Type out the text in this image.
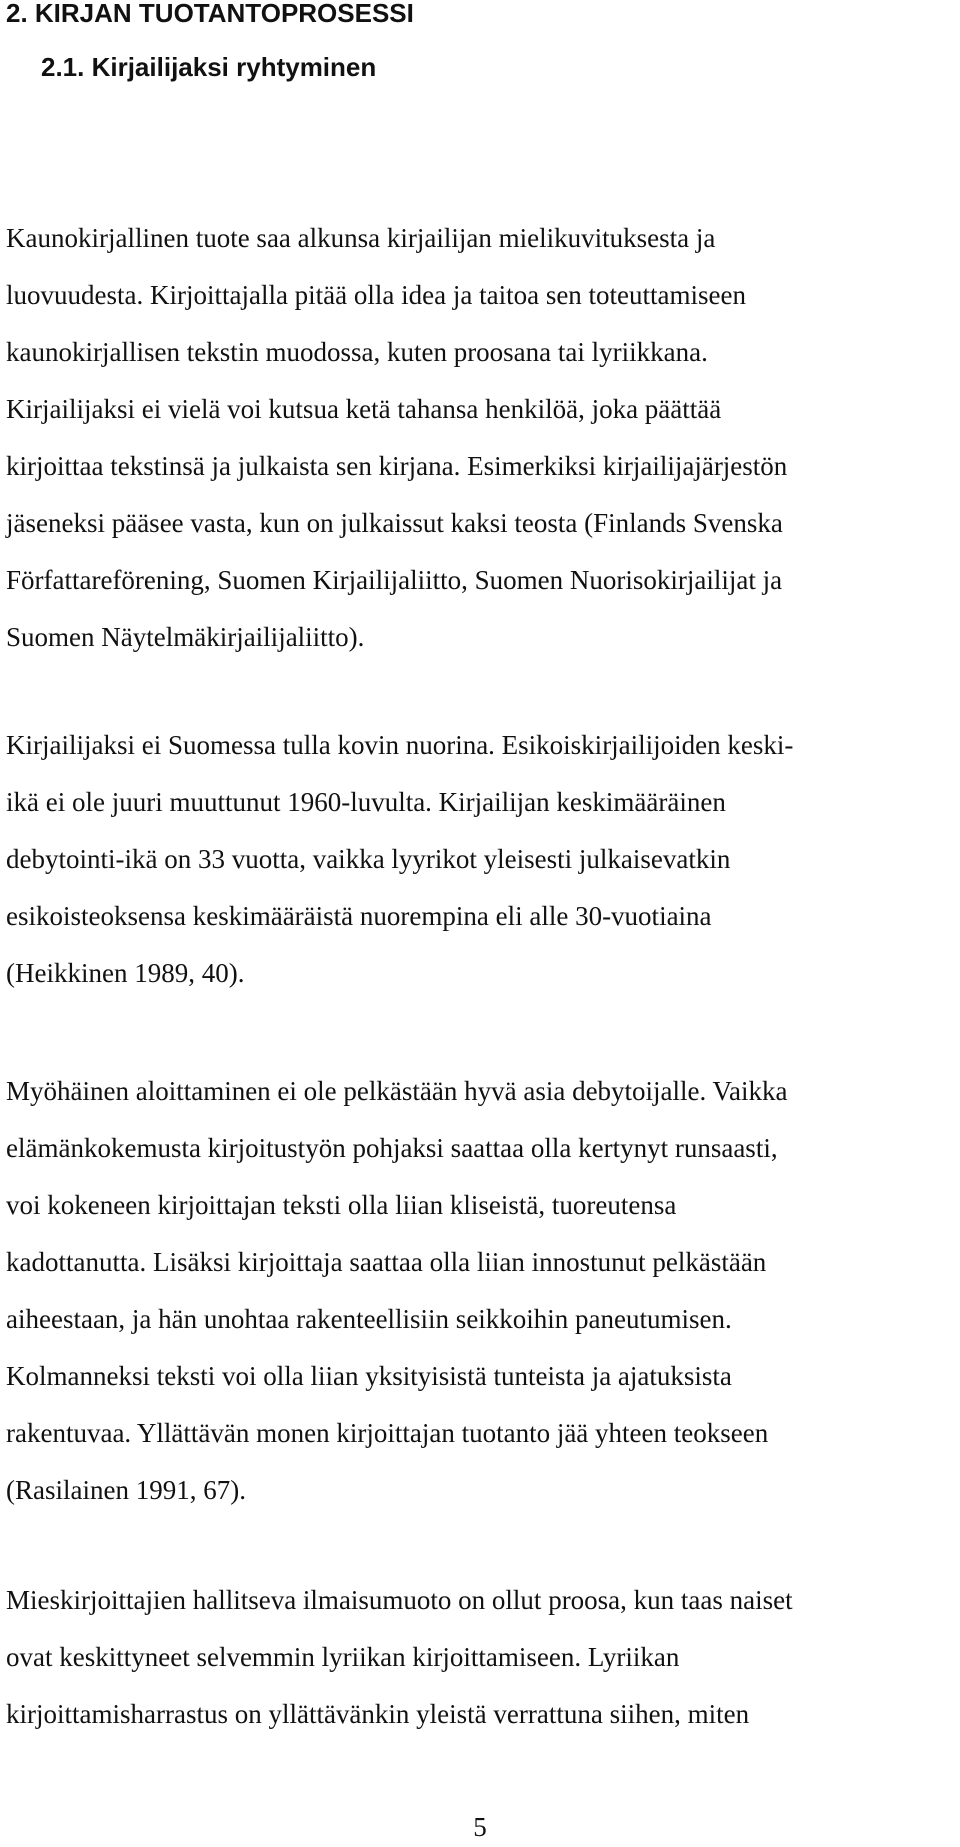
2. KIRJAN TUOTANTOPROSESSI
2.1. Kirjailijaksi ryhtyminen
Kaunokirjallinen tuote saa alkunsa kirjailijan mielikuvituksesta ja
luovuudesta. Kirjoittajalla pitää olla idea ja taitoa sen toteuttamiseen
kaunokirjallisen tekstin muodossa, kuten proosana tai lyriikkana.
Kirjailijaksi ei vielä voi kutsua ketä tahansa henkilöä, joka päättää
kirjoittaa tekstinsä ja julkaista sen kirjana. Esimerkiksi kirjailijajärjestön
jäseneksi pääsee vasta, kun on julkaissut kaksi teosta (Finlands Svenska
Författareförening, Suomen Kirjailijaliitto, Suomen Nuorisokirjailijat ja
Suomen Näytelmäkirjailijaliitto).
Kirjailijaksi ei Suomessa tulla kovin nuorina. Esikoiskirjailijoiden keski-
ikä ei ole juuri muuttunut 1960-luvulta. Kirjailijan keskimääräinen
debytointi-ikä on 33 vuotta, vaikka lyyrikot yleisesti julkaisevatkin
esikoisteoksensa keskimääräistä nuorempina eli alle 30-vuotiaina
(Heikkinen 1989, 40).
Myöhäinen aloittaminen ei ole pelkästään hyvä asia debytoijalle. Vaikka
elämänkokemusta kirjoitustyön pohjaksi saattaa olla kertynyt runsaasti,
voi kokeneen kirjoittajan teksti olla liian kliseistä, tuoreutensa
kadottanutta. Lisäksi kirjoittaja saattaa olla liian innostunut pelkästään
aiheestaan, ja hän unohtaa rakenteellisiin seikkoihin paneutumisen.
Kolmanneksi teksti voi olla liian yksityisistä tunteista ja ajatuksista
rakentuvaa. Yllättävän monen kirjoittajan tuotanto jää yhteen teokseen
(Rasilainen 1991, 67).
Mieskirjoittajien hallitseva ilmaisumuoto on ollut proosa, kun taas naiset
ovat keskittyneet selvemmin lyriikan kirjoittamiseen. Lyriikan
kirjoittamisharrastus on yllättävänkin yleistä verrattuna siihen, miten
5
